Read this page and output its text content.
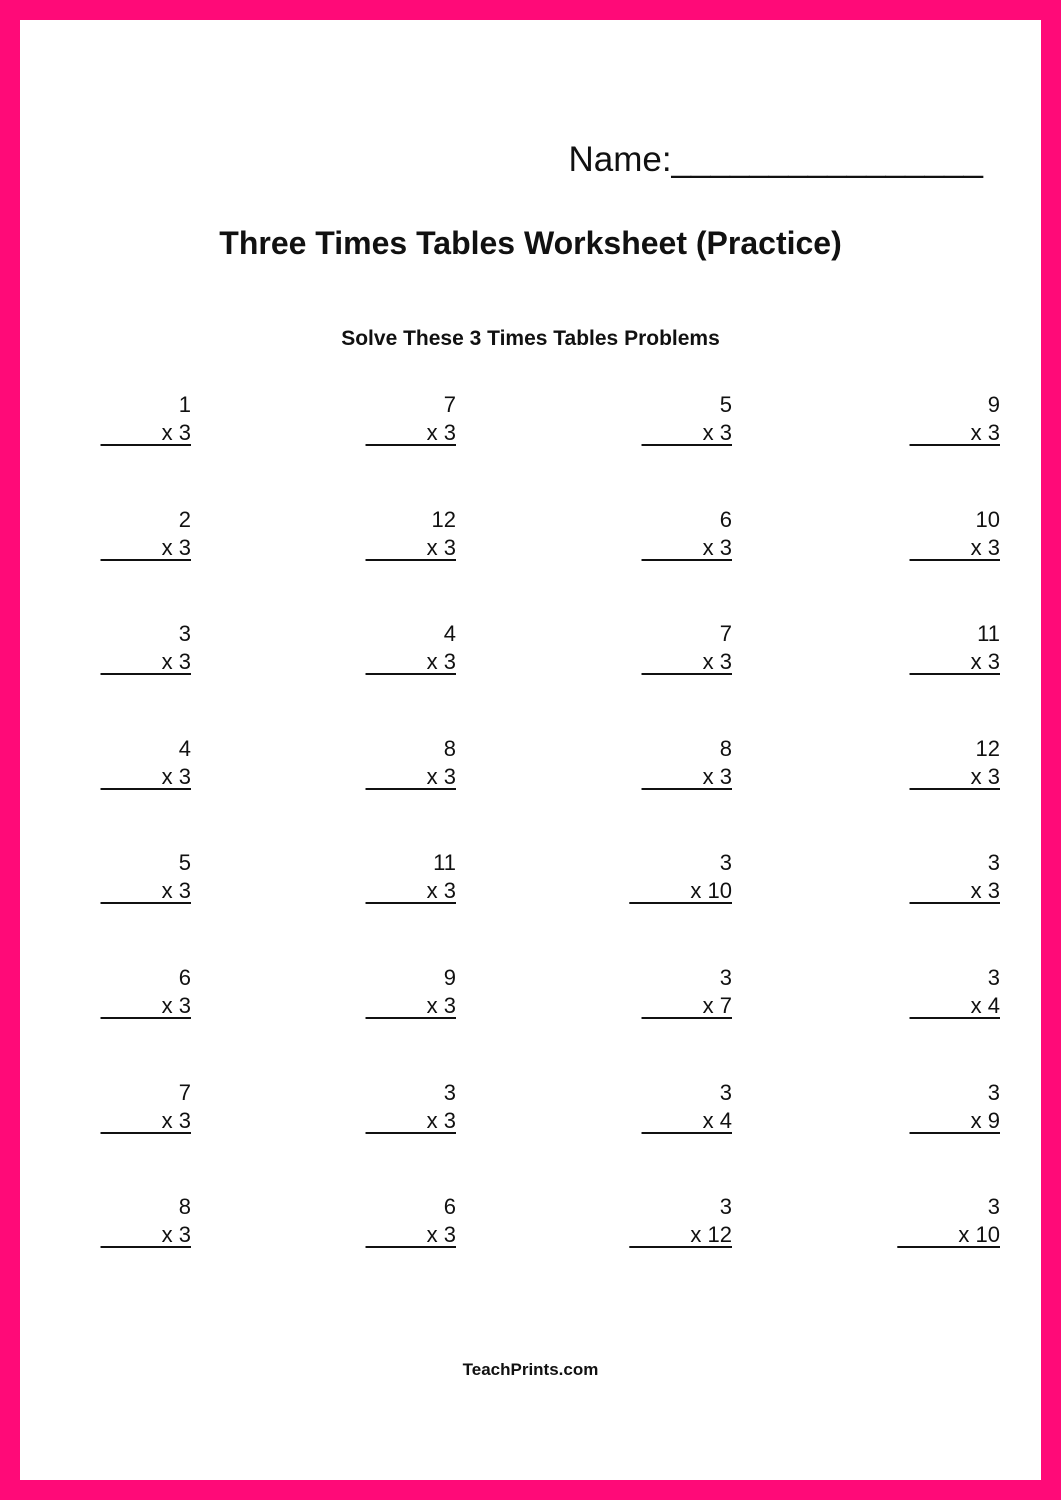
Name:________________
Three Times Tables Worksheet (Practice)
Solve These 3 Times Tables Problems
1
x 3
2
x 3
3
x 3
4
x 3
5
x 3
6
x 3
7
x 3
8
x 3
7
x 3
12
x 3
4
x 3
8
x 3
11
x 3
9
x 3
3
x 3
6
x 3
5
x 3
6
x 3
7
x 3
8
x 3
3
x 10
3
x 7
3
x 4
3
x 12
9
x 3
10
x 3
11
x 3
12
x 3
3
x 3
3
x 4
3
x 9
3
x 10
TeachPrints.com
